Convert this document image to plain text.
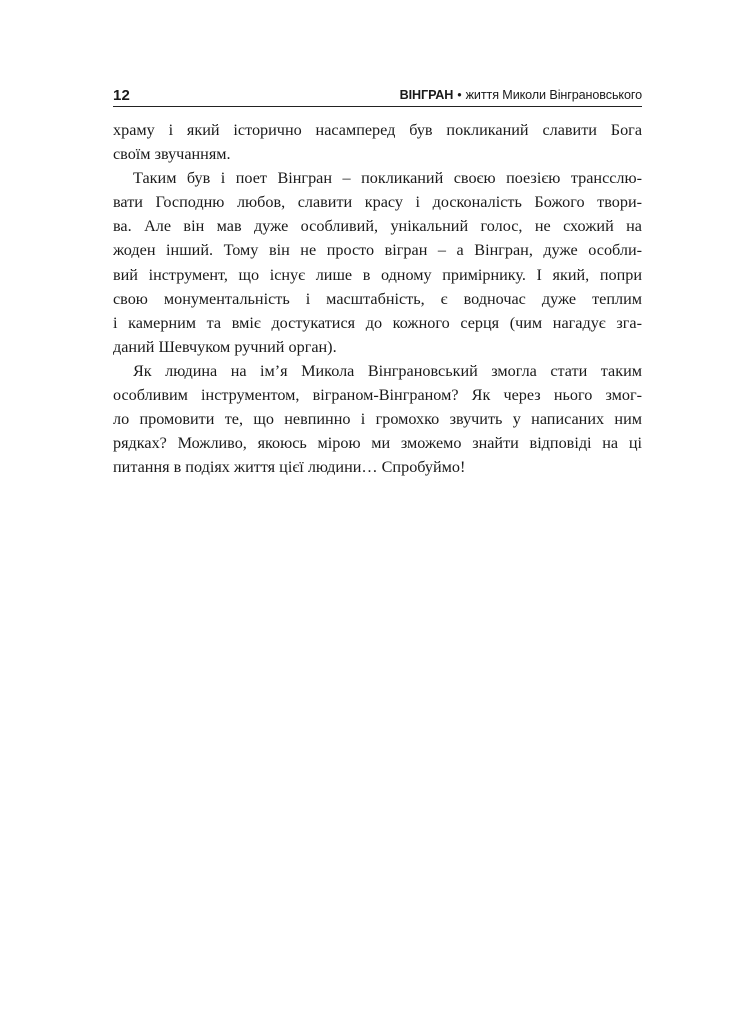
12	ВІНГРАН • життя Миколи Вінграновського
храму і який історично насамперед був покликаний славити Бога
своїм звучанням.
Таким був і поет Вінгран – покликаний своєю поезією трансслю-
вати Господню любов, славити красу і досконалість Божого твори-
ва. Але він мав дуже особливий, унікальний голос, не схожий на
жоден інший. Тому він не просто вігран – а Вінгран, дуже особли-
вий інструмент, що існує лише в одному примірнику. І який, попри
свою монументальність і масштабність, є водночас дуже теплим
і камерним та вміє достукатися до кожного серця (чим нагадує зга-
даний Шевчуком ручний орган).
Як людина на ім’я Микола Вінграновський змогла стати таким
особливим інструментом, віграном-Вінграном? Як через нього змог-
ло промовити те, що невпинно і громохко звучить у написаних ним
рядках? Можливо, якоюсь мірою ми зможемо знайти відповіді на ці
питання в подіях життя цієї людини… Спробуймо!
